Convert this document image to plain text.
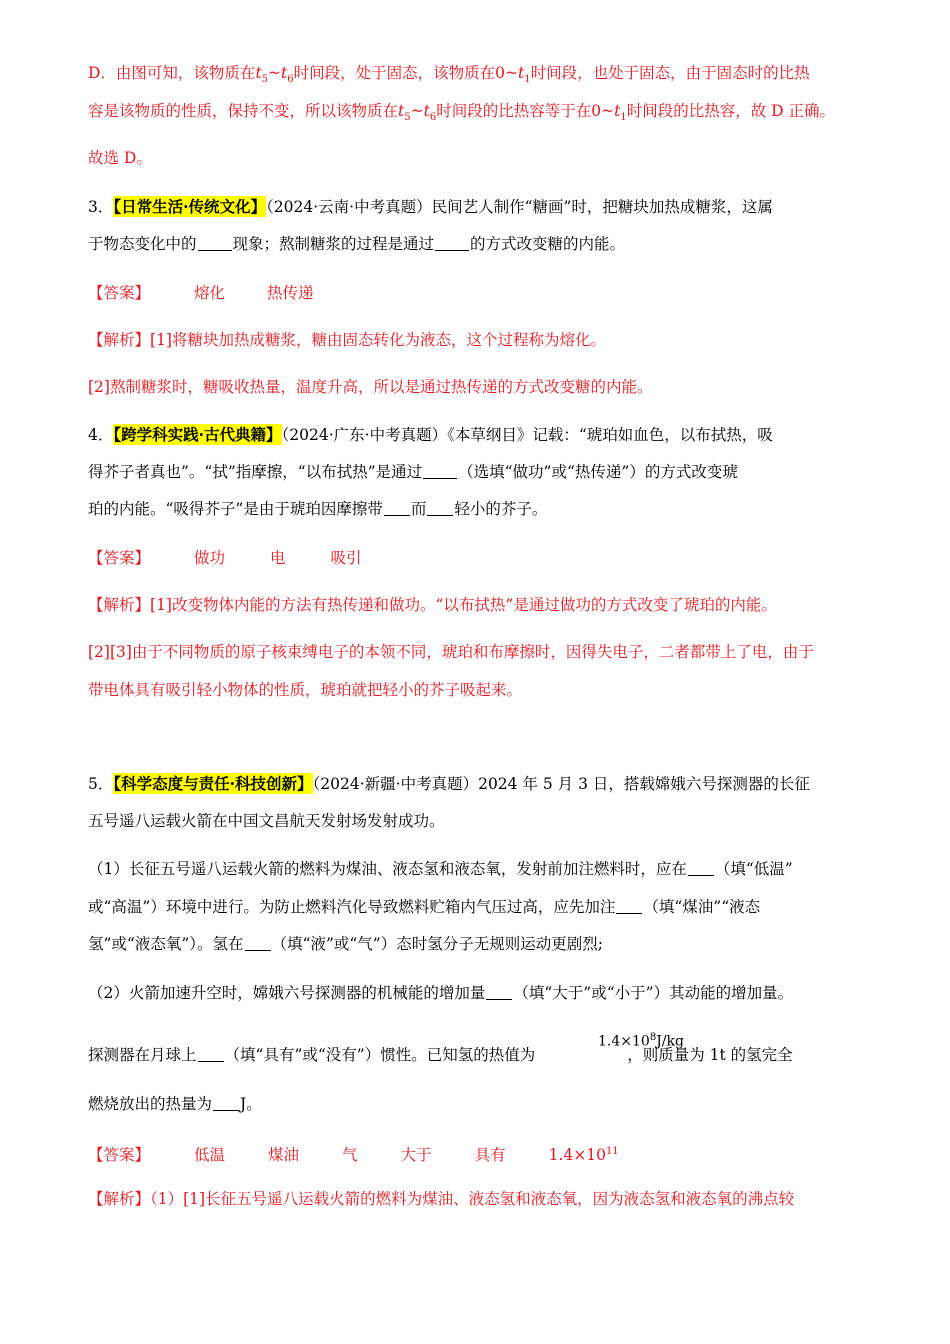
D．由图可知，该物质在$t_5\sim t_6$时间段，处于固态，该物质在$0\sim t_1$时间段，也处于固态，由于固态时的比热
容是该物质的性质，保持不变，所以该物质在$t_5\sim t_6$时间段的比热容等于在$0\sim t_1$时间段的比热容，故 D 正确。
故选 D。
3．【日常生活·传统文化】（2024·云南·中考真题）民间艺人制作“糖画”时，把糖块加热成糖浆，这属
于物态变化中的 现象；熬制糖浆的过程是通过 的方式改变糖的内能。
【答案】	熔化	热传递
【解析】[1]将糖块加热成糖浆，糖由固态转化为液态，这个过程称为熔化。
[2]熬制糖浆时，糖吸收热量，温度升高，所以是通过热传递的方式改变糖的内能。
4．【跨学科实践·古代典籍】（2024·广东·中考真题）《本草纲目》记载：“琥珀如血色，以布拭热，吸
得芥子者真也”。“拭”指摩擦，“以布拭热”是通过 （选填“做功”或“热传递”）的方式改变琥
珀的内能。“吸得芥子”是由于琥珀因摩擦带 而 轻小的芥子。
【答案】	做功	电	吸引
【解析】[1]改变物体内能的方法有热传递和做功。“以布拭热”是通过做功的方式改变了琥珀的内能。
[2][3]由于不同物质的原子核束缚电子的本领不同，琥珀和布摩擦时，因得失电子，二者都带上了电，由于
带电体具有吸引轻小物体的性质，琥珀就把轻小的芥子吸起来。
5．【科学态度与责任·科技创新】（2024·新疆·中考真题）2024 年 5 月 3 日，搭载嫦娥六号探测器的长征
五号遥八运载火箭在中国文昌航天发射场发射成功。
（1）长征五号遥八运载火箭的燃料为煤油、液态氢和液态氧，发射前加注燃料时，应在 （填“低温”
或“高温”）环境中进行。为防止燃料汽化导致燃料贮箱内气压过高，应先加注 （填“煤油”“液态
氢”或“液态氧”）。氢在 （填“液”或“气”）态时氢分子无规则运动更剧烈;
（2）火箭加速升空时，嫦娥六号探测器的机械能的增加量 （填“大于”或“小于”）其动能的增加量。
探测器在月球上 （填“具有”或“没有”）惯性。已知氢的热值为	，则质量为 1t 的氢完全
$1.4\times 10^8J/kg$
燃烧放出的热量为 J。
【答案】	低温	煤油	气	大于	具有	$1.4\times 10^{11}$
【解析】（1）[1]长征五号遥八运载火箭的燃料为煤油、液态氢和液态氧，因为液态氢和液态氧的沸点较
